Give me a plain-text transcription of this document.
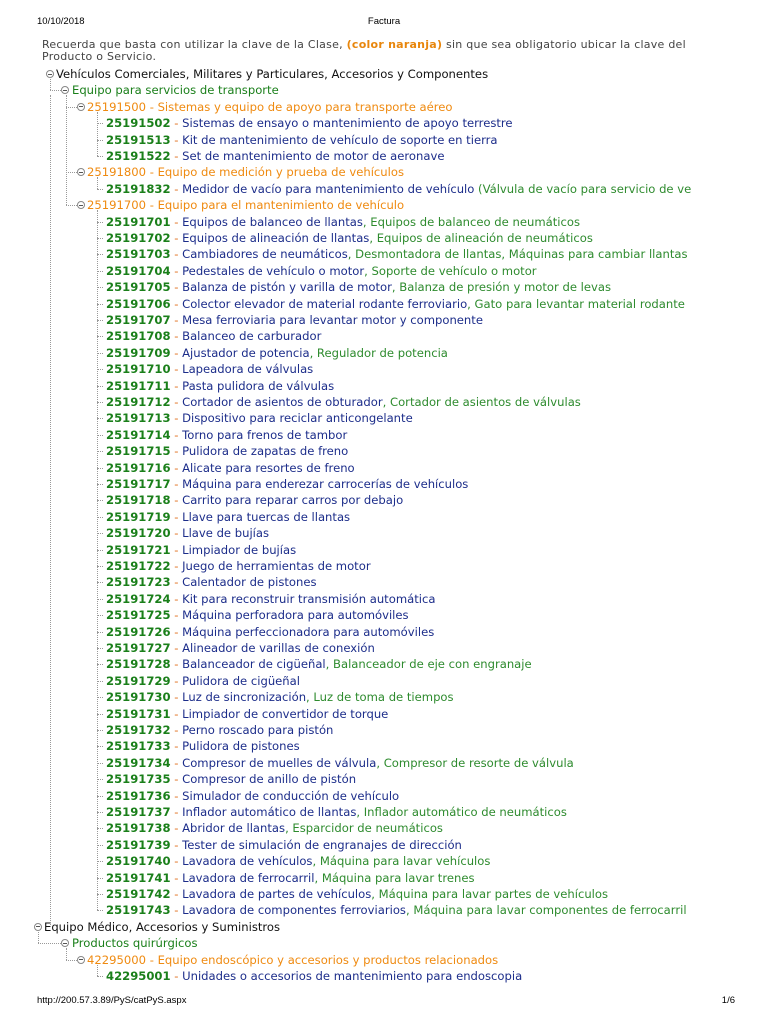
10/10/2018	Factura
Recuerda que basta con utilizar la clave de la Clase, (color naranja) sin que sea obligatorio ubicar la clave del Producto o Servicio.
Vehículos Comerciales, Militares y Particulares, Accesorios y Componentes
Equipo para servicios de transporte
25191500 - Sistemas y equipo de apoyo para transporte aéreo
25191502 - Sistemas de ensayo o mantenimiento de apoyo terrestre
25191513 - Kit de mantenimiento de vehículo de soporte en tierra
25191522 - Set de mantenimiento de motor de aeronave
25191800 - Equipo de medición y prueba de vehículos
25191832 - Medidor de vacío para mantenimiento de vehículo (Válvula de vacío para servicio de ve
25191700 - Equipo para el mantenimiento de vehículo
25191701 - Equipos de balanceo de llantas, Equipos de balanceo de neumáticos
25191702 - Equipos de alineación de llantas, Equipos de alineación de neumáticos
25191703 - Cambiadores de neumáticos, Desmontadora de llantas, Máquinas para cambiar llantas
25191704 - Pedestales de vehículo o motor, Soporte de vehículo o motor
25191705 - Balanza de pistón y varilla de motor, Balanza de presión y motor de levas
25191706 - Colector elevador de material rodante ferroviario, Gato para levantar material rodante
25191707 - Mesa ferroviaria para levantar motor y componente
25191708 - Balanceo de carburador
25191709 - Ajustador de potencia, Regulador de potencia
25191710 - Lapeadora de válvulas
25191711 - Pasta pulidora de válvulas
25191712 - Cortador de asientos de obturador, Cortador de asientos de válvulas
25191713 - Dispositivo para reciclar anticongelante
25191714 - Torno para frenos de tambor
25191715 - Pulidora de zapatas de freno
25191716 - Alicate para resortes de freno
25191717 - Máquina para enderezar carrocerías de vehículos
25191718 - Carrito para reparar carros por debajo
25191719 - Llave para tuercas de llantas
25191720 - Llave de bujías
25191721 - Limpiador de bujías
25191722 - Juego de herramientas de motor
25191723 - Calentador de pistones
25191724 - Kit para reconstruir transmisión automática
25191725 - Máquina perforadora para automóviles
25191726 - Máquina perfeccionadora para automóviles
25191727 - Alineador de varillas de conexión
25191728 - Balanceador de cigüeñal, Balanceador de eje con engranaje
25191729 - Pulidora de cigüeñal
25191730 - Luz de sincronización, Luz de toma de tiempos
25191731 - Limpiador de convertidor de torque
25191732 - Perno roscado para pistón
25191733 - Pulidora de pistones
25191734 - Compresor de muelles de válvula, Compresor de resorte de válvula
25191735 - Compresor de anillo de pistón
25191736 - Simulador de conducción de vehículo
25191737 - Inflador automático de llantas, Inflador automático de neumáticos
25191738 - Abridor de llantas, Esparcidor de neumáticos
25191739 - Tester de simulación de engranajes de dirección
25191740 - Lavadora de vehículos, Máquina para lavar vehículos
25191741 - Lavadora de ferrocarril, Máquina para lavar trenes
25191742 - Lavadora de partes de vehículos, Máquina para lavar partes de vehículos
25191743 - Lavadora de componentes ferroviarios, Máquina para lavar componentes de ferrocarril
Equipo Médico, Accesorios y Suministros
Productos quirúrgicos
42295000 - Equipo endoscópico y accesorios y productos relacionados
42295001 - Unidades o accesorios de mantenimiento para endoscopia
http://200.57.3.89/PyS/catPyS.aspx	1/6
